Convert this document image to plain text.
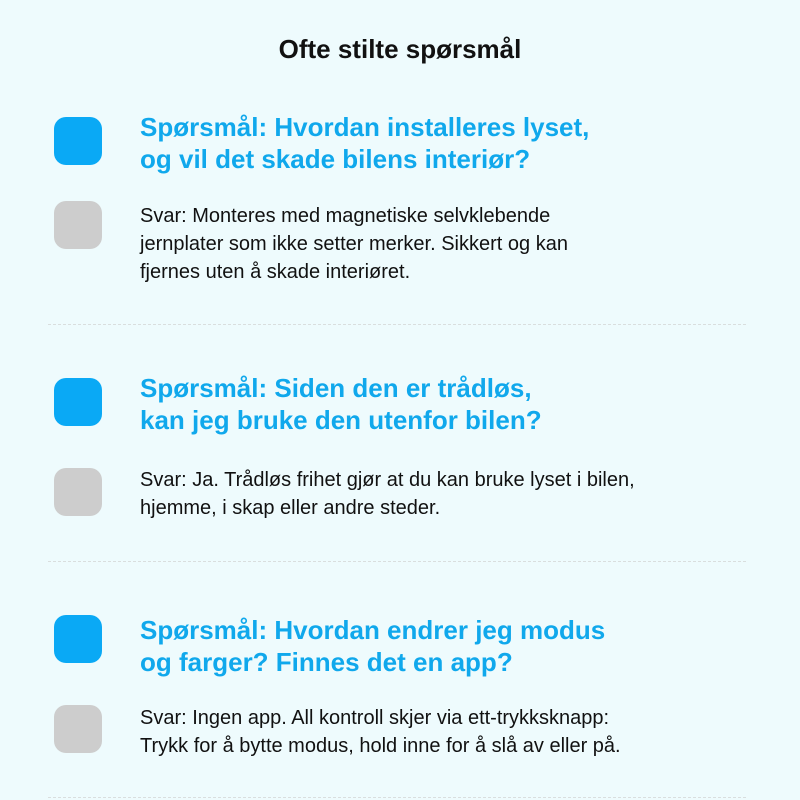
Ofte stilte spørsmål
Spørsmål: Hvordan installeres lyset,
og vil det skade bilens interiør?
Svar: Monteres med magnetiske selvklebende
jernplater som ikke setter merker. Sikkert og kan
fjernes uten å skade interiøret.
Spørsmål: Siden den er trådløs,
kan jeg bruke den utenfor bilen?
Svar: Ja. Trådløs frihet gjør at du kan bruke lyset i bilen,
hjemme, i skap eller andre steder.
Spørsmål: Hvordan endrer jeg modus
og farger? Finnes det en app?
Svar: Ingen app. All kontroll skjer via ett-trykksknapp:
Trykk for å bytte modus, hold inne for å slå av eller på.
